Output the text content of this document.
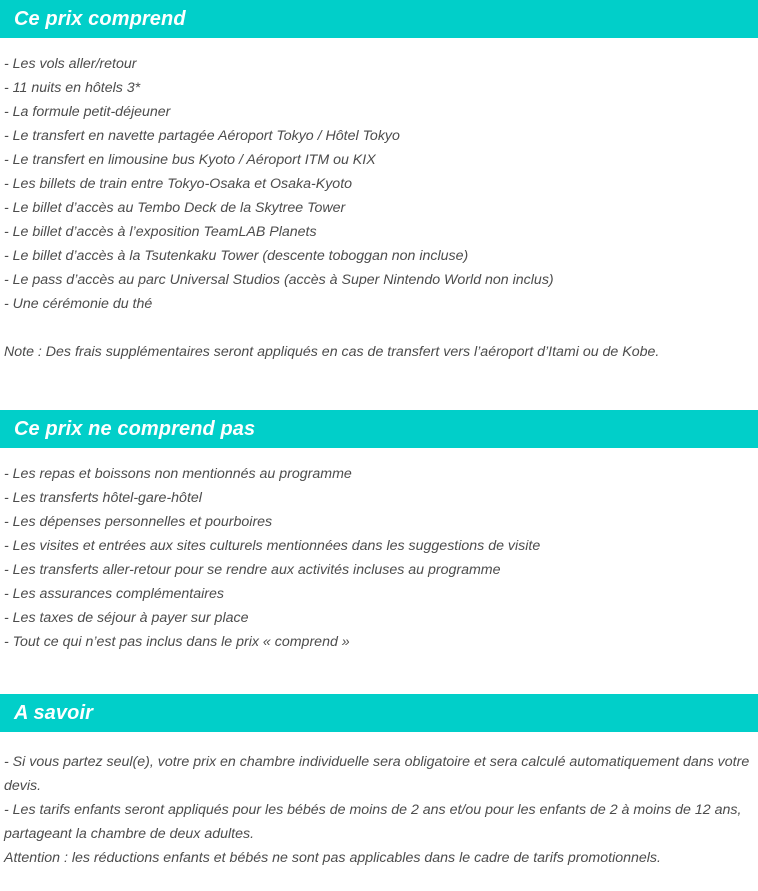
Ce prix comprend
- Les vols aller/retour
- 11 nuits en hôtels 3*
- La formule petit-déjeuner
- Le transfert en navette partagée Aéroport Tokyo / Hôtel Tokyo
- Le transfert en limousine bus Kyoto / Aéroport ITM ou KIX
- Les billets de train entre Tokyo-Osaka et Osaka-Kyoto
- Le billet d’accès au Tembo Deck de la Skytree Tower
- Le billet d’accès à l’exposition TeamLAB Planets
- Le billet d’accès à la Tsutenkaku Tower (descente toboggan non incluse)
- Le pass d’accès au parc Universal Studios (accès à Super Nintendo World non inclus)
- Une cérémonie du thé
Note : Des frais supplémentaires seront appliqués en cas de transfert vers l’aéroport d’Itami ou de Kobe.
Ce prix ne comprend pas
- Les repas et boissons non mentionnés au programme
- Les transferts hôtel-gare-hôtel
- Les dépenses personnelles et pourboires
- Les visites et entrées aux sites culturels mentionnées dans les suggestions de visite
- Les transferts aller-retour pour se rendre aux activités incluses au programme
- Les assurances complémentaires
- Les taxes de séjour à payer sur place
- Tout ce qui n’est pas inclus dans le prix « comprend »
A savoir
- Si vous partez seul(e), votre prix en chambre individuelle sera obligatoire et sera calculé automatiquement dans votre devis.
- Les tarifs enfants seront appliqués pour les bébés de moins de 2 ans et/ou pour les enfants de 2 à moins de 12 ans, partageant la chambre de deux adultes.
Attention : les réductions enfants et bébés ne sont pas applicables dans le cadre de tarifs promotionnels.
